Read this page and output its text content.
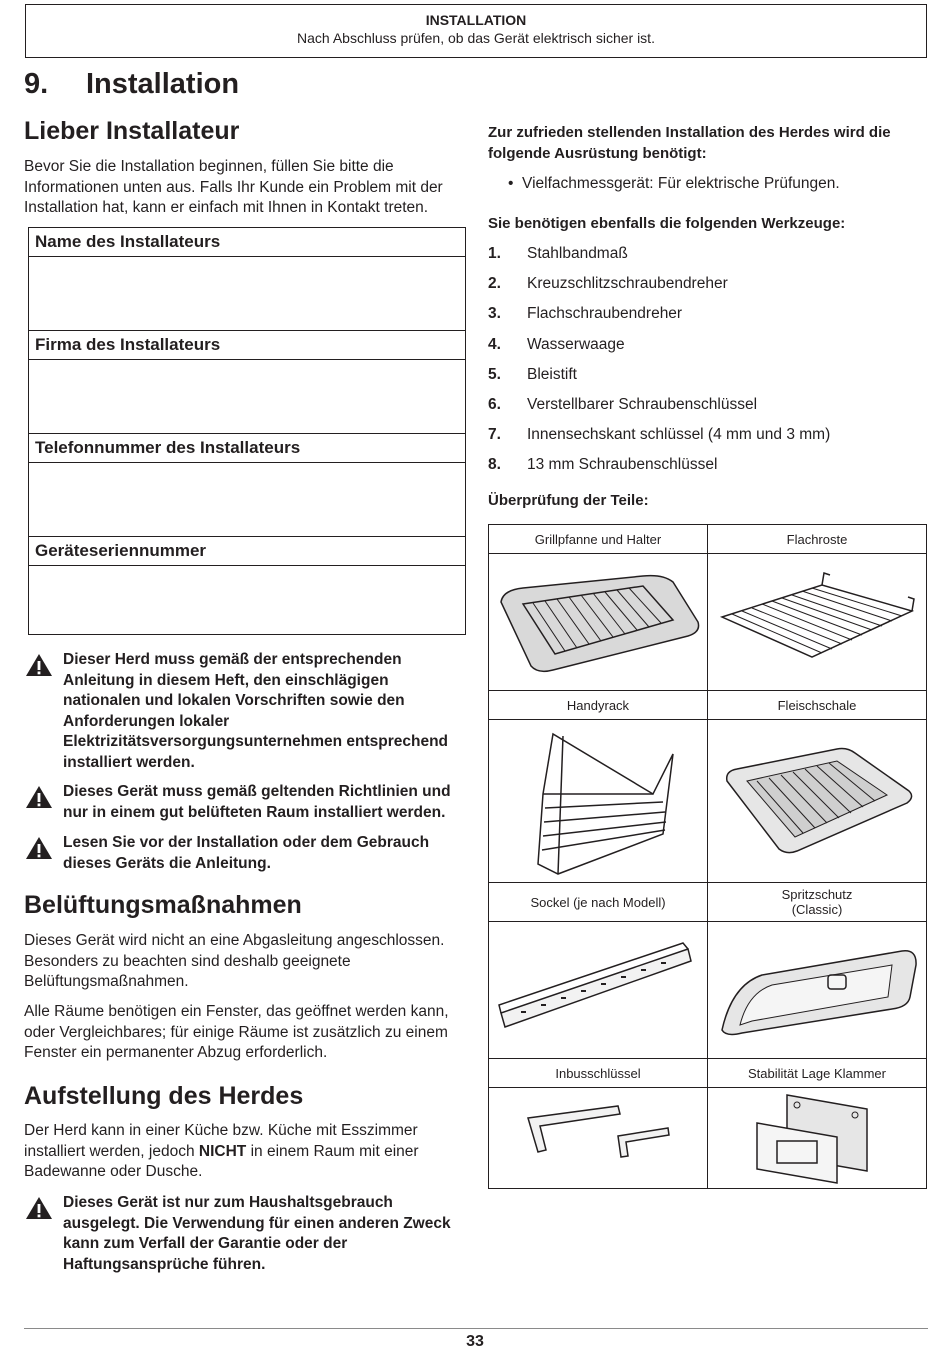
INSTALLATION
Nach Abschluss prüfen, ob das Gerät elektrisch sicher ist.
9. Installation
Lieber Installateur
Bevor Sie die Installation beginnen, füllen Sie bitte die Informationen unten aus. Falls Ihr Kunde ein Problem mit der Installation hat, kann er einfach mit Ihnen in Kontakt treten.
Name des Installateurs
Firma des Installateurs
Telefonnummer des Installateurs
Geräteseriennummer
Dieser Herd muss gemäß der entsprechenden Anleitung in diesem Heft, den einschlägigen nationalen und lokalen Vorschriften sowie den Anforderungen lokaler Elektrizitätsversorgungsunternehmen entsprechend installiert werden.
Dieses Gerät muss gemäß geltenden Richtlinien und nur in einem gut belüfteten Raum installiert werden.
Lesen Sie vor der Installation oder dem Gebrauch dieses Geräts die Anleitung.
Belüftungsmaßnahmen
Dieses Gerät wird nicht an eine Abgasleitung angeschlossen. Besonders zu beachten sind deshalb geeignete Belüftungsmaßnahmen.
Alle Räume benötigen ein Fenster, das geöffnet werden kann, oder Vergleichbares; für einige Räume ist zusätzlich zu einem Fenster ein permanenter Abzug erforderlich.
Aufstellung des Herdes
Der Herd kann in einer Küche bzw. Küche mit Esszimmer installiert werden, jedoch NICHT in einem Raum mit einer Badewanne oder Dusche.
Dieses Gerät ist nur zum Haushaltsgebrauch ausgelegt. Die Verwendung für einen anderen Zweck kann zum Verfall der Garantie oder der Haftungsansprüche führen.
Zur zufrieden stellenden Installation des Herdes wird die folgende Ausrüstung benötigt:
•  Vielfachmessgerät: Für elektrische Prüfungen.
Sie benötigen ebenfalls die folgenden Werkzeuge:
1. Stahlbandmaß
2. Kreuzschlitzschraubendreher
3. Flachschraubendreher
4. Wasserwaage
5. Bleistift
6. Verstellbarer Schraubenschlüssel
7. Innensechskant schlüssel (4 mm und 3 mm)
8. 13 mm Schraubenschlüssel
Überprüfung der Teile:
Grillpfanne und Halter	Flachroste

Handyrack	Fleischschale

Sockel (je nach Modell)	Spritzschutz
(Classic)

Inbusschlüssel	Stabilität Lage Klammer

33
